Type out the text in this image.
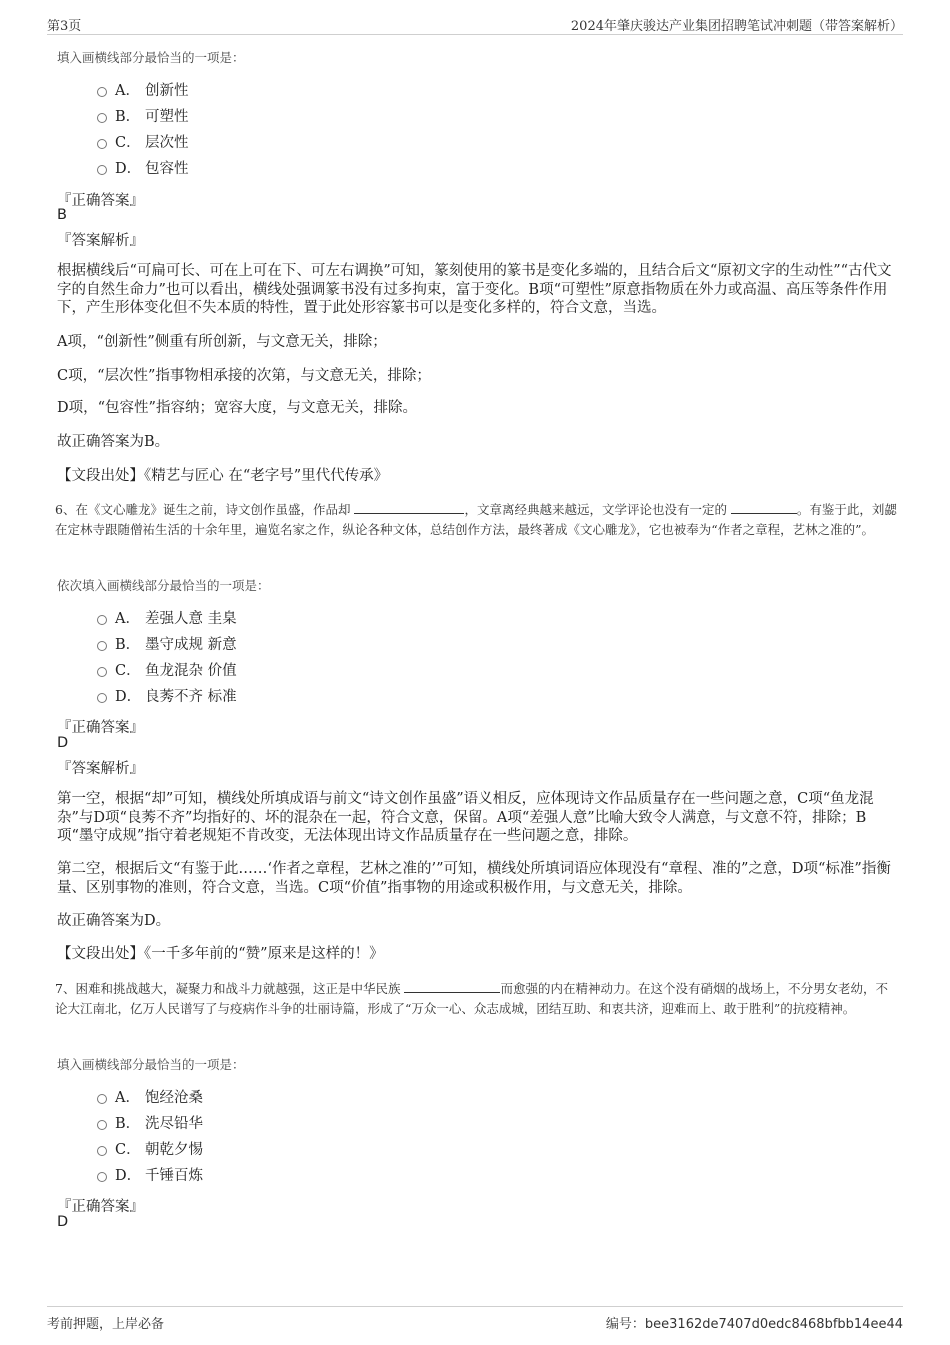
第3页	2024年肇庆骏达产业集团招聘笔试冲刺题（带答案解析）
填入画横线部分最恰当的一项是：
A． 创新性
B． 可塑性
C． 层次性
D． 包容性
『正确答案』
B
『答案解析』
根据横线后“可扁可长、可在上可在下、可左右调换”可知，篆刻使用的篆书是变化多端的，且结合后文“原初文字的生动性”“古代文字的自然生命力”也可以看出，横线处强调篆书没有过多拘束，富于变化。B项“可塑性”原意指物质在外力或高温、高压等条件作用下，产生形体变化但不失本质的特性，置于此处形容篆书可以是变化多样的，符合文意，当选。
A项，“创新性”侧重有所创新，与文意无关，排除；
C项，“层次性”指事物相承接的次第，与文意无关，排除；
D项，“包容性”指容纳；宽容大度，与文意无关，排除。
故正确答案为B。
【文段出处】《精艺与匠心 在“老字号”里代代传承》
6、在《文心雕龙》诞生之前，诗文创作虽盛，作品却	，文章离经典越来越远，文学评论也没有一定的	。有鉴于此，刘勰在定林寺跟随僧祐生活的十余年里，遍览名家之作，纵论各种文体，总结创作方法，最终著成《文心雕龙》，它也被奉为“作者之章程，艺林之准的”。
依次填入画横线部分最恰当的一项是：
A． 差强人意 圭臬
B． 墨守成规 新意
C． 鱼龙混杂 价值
D． 良莠不齐 标准
『正确答案』
D
『答案解析』
第一空，根据“却”可知，横线处所填成语与前文“诗文创作虽盛”语义相反，应体现诗文作品质量存在一些问题之意，C项“鱼龙混杂”与D项“良莠不齐”均指好的、坏的混杂在一起，符合文意，保留。A项“差强人意”比喻大致令人满意，与文意不符，排除；B项“墨守成规”指守着老规矩不肯改变，无法体现出诗文作品质量存在一些问题之意，排除。
第二空，根据后文“有鉴于此……‘作者之章程，艺林之准的’”可知，横线处所填词语应体现没有“章程、准的”之意，D项“标准”指衡量、区别事物的准则，符合文意，当选。C项“价值”指事物的用途或积极作用，与文意无关，排除。
故正确答案为D。
【文段出处】《一千多年前的“赞”原来是这样的！》
7、困难和挑战越大，凝聚力和战斗力就越强，这正是中华民族	而愈强的内在精神动力。在这个没有硝烟的战场上，不分男女老幼，不论大江南北，亿万人民谱写了与疫病作斗争的壮丽诗篇，形成了“万众一心、众志成城，团结互助、和衷共济，迎难而上、敢于胜利”的抗疫精神。
填入画横线部分最恰当的一项是：
A． 饱经沧桑
B． 洗尽铅华
C． 朝乾夕惕
D． 千锤百炼
『正确答案』
D
考前押题，上岸必备	编号：bee3162de7407d0edc8468bfbb14ee44
